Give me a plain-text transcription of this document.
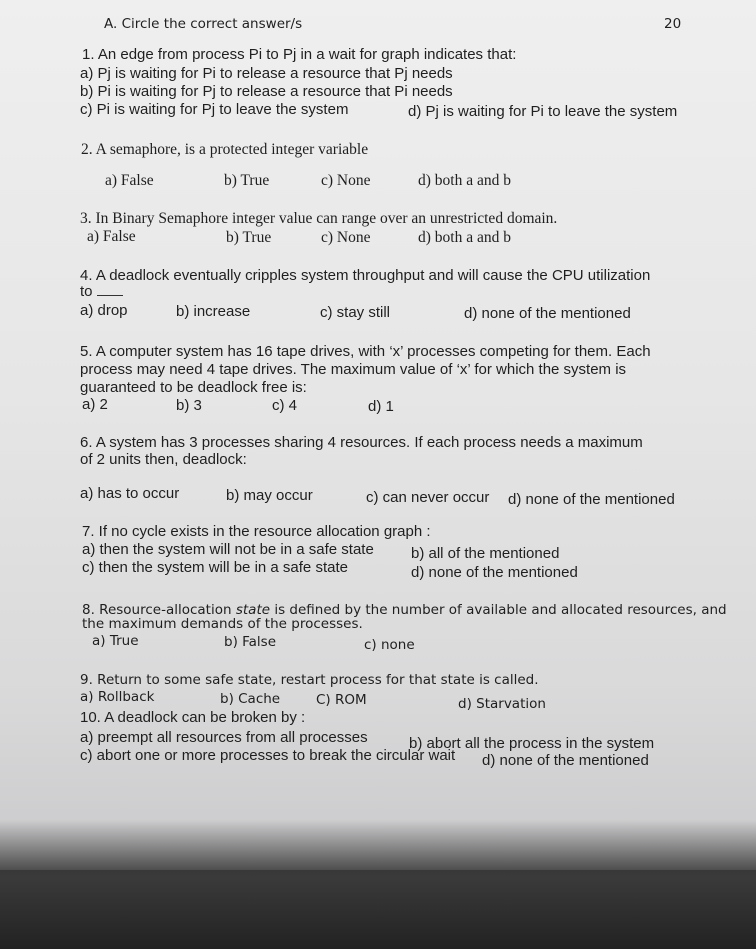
A. Circle the correct answer/s	20
1. An edge from process Pi to Pj in a wait for graph indicates that:
a) Pj is waiting for Pi to release a resource that Pj needs
b) Pi is waiting for Pj to release a resource that Pi needs
c) Pi is waiting for Pj to leave the system	d) Pj is waiting for Pi to leave the system
2. A semaphore, is a protected integer variable
a) False	b) True	c) None	d) both a and b
3. In Binary Semaphore integer value can range over an unrestricted domain.
a) False	b) True	c) None	d) both a and b
4. A deadlock eventually cripples system throughput and will cause the CPU utilization
to
a) drop	b) increase	c) stay still	d) none of the mentioned
5. A computer system has 16 tape drives, with ‘x’ processes competing for them. Each
process may need 4 tape drives. The maximum value of ‘x’ for which the system is
guaranteed to be deadlock free is:
a) 2	b) 3	c) 4	d) 1
6. A system has 3 processes sharing 4 resources. If each process needs a maximum
of 2 units then, deadlock:
a) has to occur	b) may occur	c) can never occur d) none of the mentioned
7. If no cycle exists in the resource allocation graph :
a) then the system will not be in a safe state b) all of the mentioned
c) then the system will be in a safe state	d) none of the mentioned
8. Resource-allocation state is defined by the number of available and allocated resources, and
the maximum demands of the processes.
a) True	b) False	c) none
9. Return to some safe state, restart process for that state is called.
a) Rollback	b) Cache	C) ROM	d) Starvation
10. A deadlock can be broken by :
a) preempt all resources from all processes	b) abort all the process in the system
c) abort one or more processes to break the circular wait d) none of the mentioned
